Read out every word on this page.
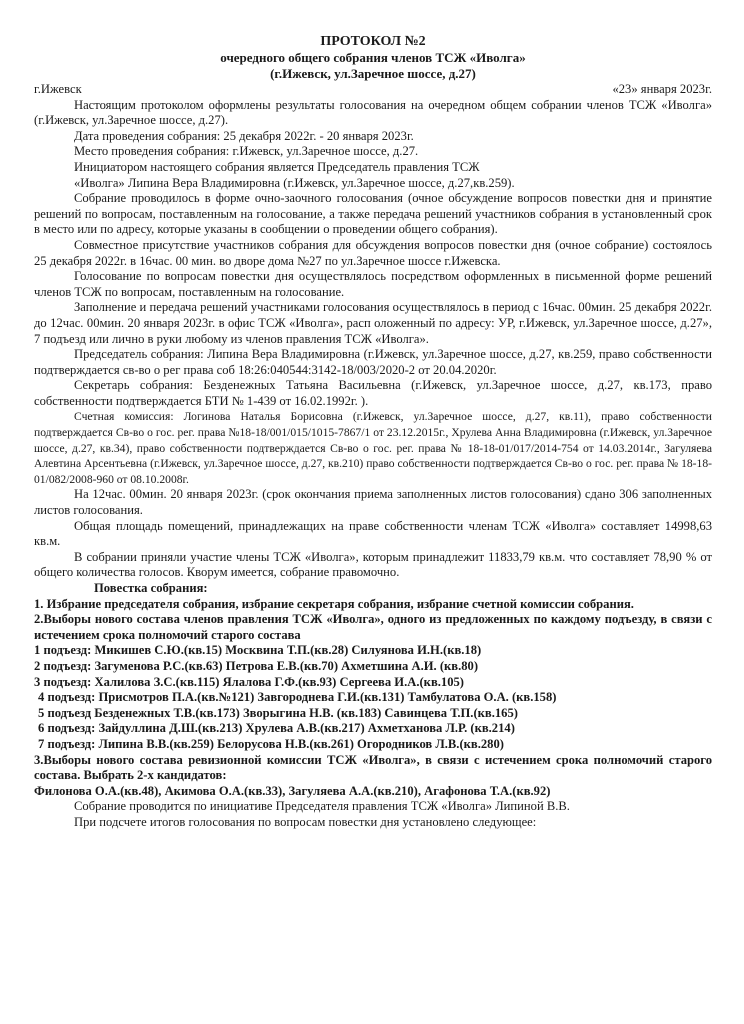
ПРОТОКОЛ №2
очередного общего собрания членов ТСЖ «Иволга»
(г.Ижевск, ул.Заречное шоссе, д.27)
г.Ижевск	«23» января 2023г.

Настоящим протоколом оформлены результаты голосования на очередном общем собрании членов ТСЖ «Иволга» (г.Ижевск, ул.Заречное шоссе, д.27).

Дата проведения собрания: 25 декабря 2022г. - 20 января 2023г.

Место проведения собрания: г.Ижевск, ул.Заречное шоссе, д.27.

Инициатором настоящего собрания является Председатель правления ТСЖ

«Иволга» Липина Вера Владимировна (г.Ижевск, ул.Заречное шоссе, д.27,кв.259).

Собрание проводилось в форме очно-заочного голосования (очное обсуждение вопросов повестки дня и принятие решений по вопросам, поставленным на голосование, а также передача решений участников собрания в установленный срок в место или по адресу, которые указаны в сообщении о проведении общего собрания).

Совместное присутствие участников собрания для обсуждения вопросов повестки дня (очное собрание) состоялось 25 декабря 2022г. в 16час. 00 мин. во дворе дома №27 по ул.Заречное шоссе г.Ижевска.

Голосование по вопросам повестки дня осуществлялось посредством оформленных в письменной форме решений членов ТСЖ по вопросам, поставленным на голосование.

Заполнение и передача решений участниками голосования осуществлялось в период с 16час. 00мин. 25 декабря 2022г. до 12час. 00мин. 20 января 2023г. в офис ТСЖ «Иволга», расп оложенный по адресу: УР, г.Ижевск, ул.Заречное шоссе, д.27», 7 подъезд или лично в руки любому из членов правления ТСЖ «Иволга».

Председатель собрания: Липина Вера Владимировна (г.Ижевск, ул.Заречное шоссе, д.27, кв.259, право собственности подтверждается св-во о рег права соб 18:26:040544:3142-18/003/2020-2 от 20.04.2020г.

Секретарь собрания: Безденежных Татьяна Васильевна (г.Ижевск, ул.Заречное шоссе, д.27, кв.173, право собственности подтверждается БТИ № 1-439 от 16.02.1992г. ).

Счетная комиссия: Логинова Наталья Борисовна (г.Ижевск, ул.Заречное шоссе, д.27, кв.11), право собственности подтверждается Св-во о гос. рег. права №18-18/001/015/1015-7867/1 от 23.12.2015г., Хрулева Анна Владимировна (г.Ижевск, ул.Заречное шоссе, д.27, кв.34), право собственности подтверждается Св-во о гос. рег. права № 18-18-01/017/2014-754 от 14.03.2014г., Загуляева Алевтина Арсентьевна (г.Ижевск, ул.Заречное шоссе, д.27, кв.210) право собственности подтверждается Св-во о гос. рег. права № 18-18-01/082/2008-960 от 08.10.2008г.

На 12час. 00мин. 20 января 2023г. (срок окончания приема заполненных листов голосования) сдано 306 заполненных листов голосования.

Общая площадь помещений, принадлежащих на праве собственности членам ТСЖ «Иволга» составляет 14998,63 кв.м.

В собрании приняли участие члены ТСЖ «Иволга», которым принадлежит 11833,79 кв.м. что составляет 78,90 % от общего количества голосов. Кворум имеется, собрание правомочно.

Повестка собрания:

1. Избрание председателя собрания, избрание секретаря собрания, избрание счетной комиссии собрания.

2.Выборы нового состава членов правления ТСЖ «Иволга», одного из предложенных по каждому подъезду, в связи с истечением срока полномочий старого состава

1 подъезд: Микишев С.Ю.(кв.15) Москвина Т.П.(кв.28) Силуянова И.Н.(кв.18)
2 подъезд: Загуменова Р.С.(кв.63) Петрова Е.В.(кв.70) Ахметшина А.И. (кв.80)
3 подъезд: Халилова З.С.(кв.115) Ялалова Г.Ф.(кв.93) Сергеева И.А.(кв.105)
4 подъезд: Присмотров П.А.(кв.№121) Завгороднева Г.И.(кв.131) Тамбулатова О.А. (кв.158)
5 подъезд Безденежных Т.В.(кв.173) Зворыгина Н.В. (кв.183) Савинцева Т.П.(кв.165)
6 подъезд: Зайдуллина Д.Ш.(кв.213) Хрулева А.В.(кв.217) Ахметханова Л.Р. (кв.214)
7 подъезд: Липина В.В.(кв.259) Белорусова Н.В.(кв.261) Огородников Л.В.(кв.280)

3.Выборы нового состава ревизионной комиссии ТСЖ «Иволга», в связи с истечением срока полномочий старого состава. Выбрать 2-х кандидатов:

Филонова О.А.(кв.48), Акимова О.А.(кв.33), Загуляева А.А.(кв.210), Агафонова Т.А.(кв.92)

Собрание проводится по инициативе Председателя правления ТСЖ «Иволга» Липиной В.В.

При подсчете итогов голосования по вопросам повестки дня установлено следующее:
